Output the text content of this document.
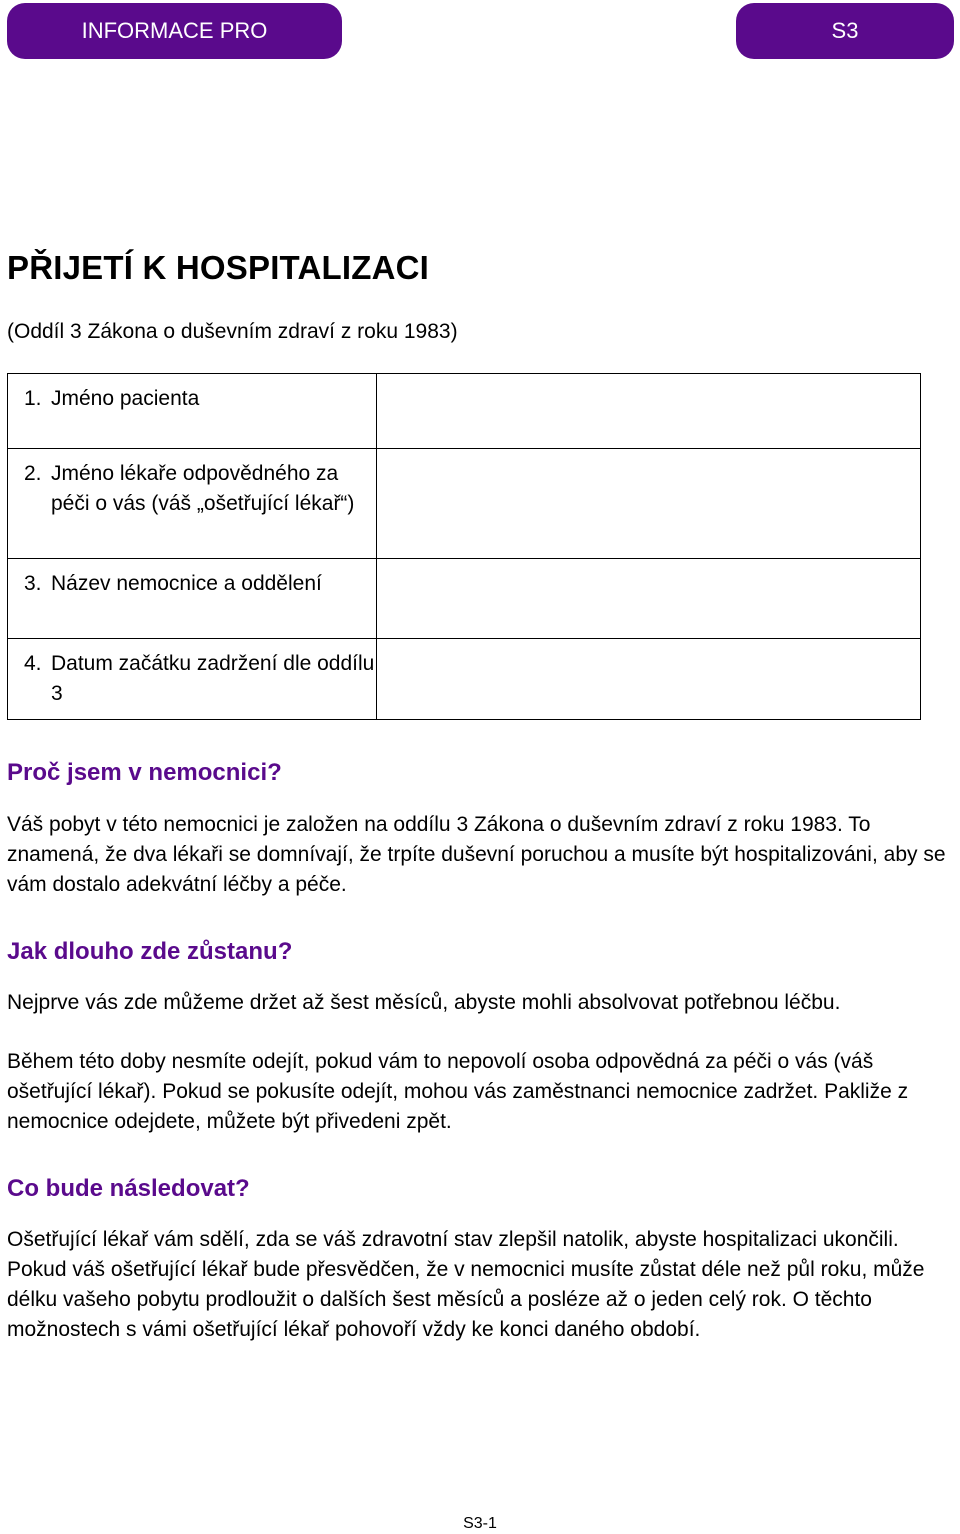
INFORMACE PRO	S3
PŘIJETÍ K HOSPITALIZACI

(Oddíl 3 Zákona o duševním zdraví z roku 1983)

1. Jméno pacienta	

2. Jméno lékaře odpovědného za péči o vás (váš „ošetřující lékař“)	

3. Název nemocnice a oddělení	

4. Datum začátku zadržení dle oddílu 3	

Proč jsem v nemocnici?

Váš pobyt v této nemocnici je založen na oddílu 3 Zákona o duševním zdraví z roku 1983. To znamená, že dva lékaři se domnívají, že trpíte duševní poruchou a musíte být hospitalizováni, aby se vám dostalo adekvátní léčby a péče.

Jak dlouho zde zůstanu?

Nejprve vás zde můžeme držet až šest měsíců, abyste mohli absolvovat potřebnou léčbu.

Během této doby nesmíte odejít, pokud vám to nepovolí osoba odpovědná za péči o vás (váš ošetřující lékař). Pokud se pokusíte odejít, mohou vás zaměstnanci nemocnice zadržet. Pakliže z nemocnice odejdete, můžete být přivedeni zpět.

Co bude následovat?

Ošetřující lékař vám sdělí, zda se váš zdravotní stav zlepšil natolik, abyste hospitalizaci ukončili. Pokud váš ošetřující lékař bude přesvědčen, že v nemocnici musíte zůstat déle než půl roku, může délku vašeho pobytu prodloužit o dalších šest měsíců a posléze až o jeden celý rok. O těchto možnostech s vámi ošetřující lékař pohovoří vždy ke konci daného období.

S3-1
